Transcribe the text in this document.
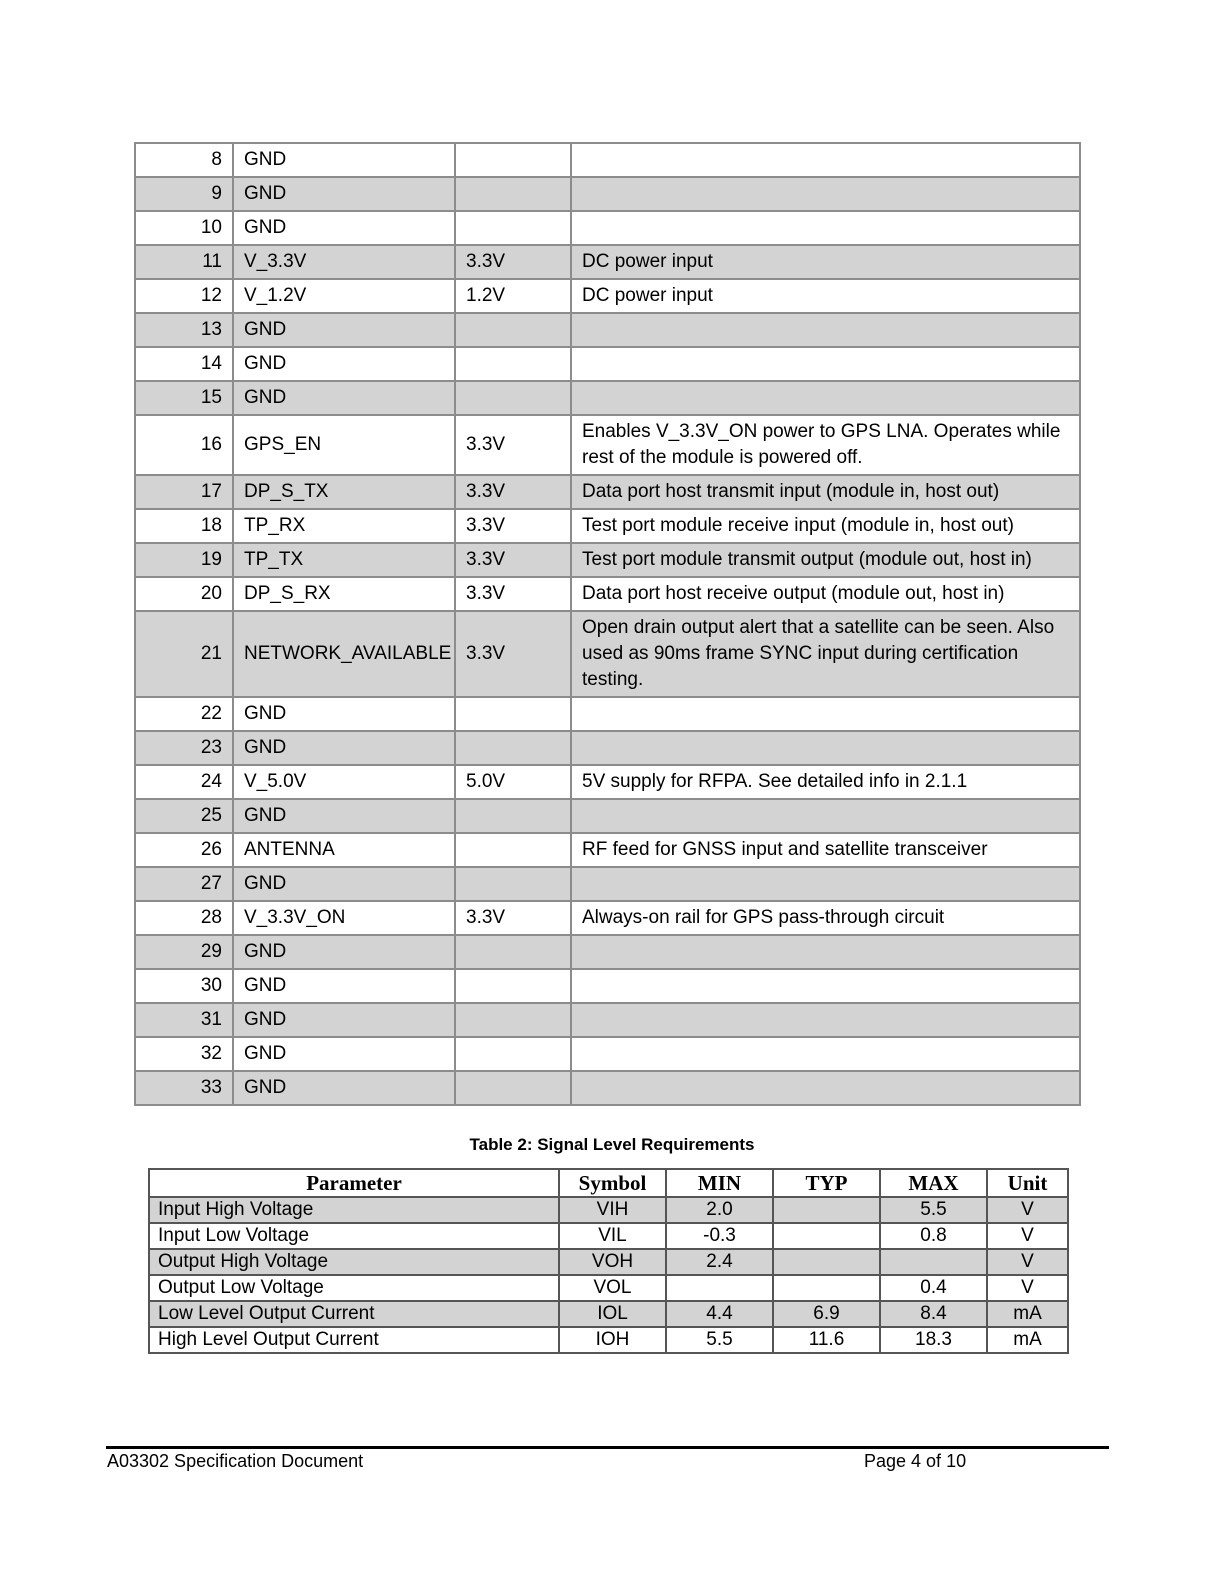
8	GND		
9	GND		
10	GND		
11	V_3.3V	3.3V	DC power input
12	V_1.2V	1.2V	DC power input
13	GND		
14	GND		
15	GND		
16	GPS_EN	3.3V	Enables V_3.3V_ON power to GPS LNA. Operates while rest of the module is powered off.
17	DP_S_TX	3.3V	Data port host transmit input (module in, host out)
18	TP_RX	3.3V	Test port module receive input (module in, host out)
19	TP_TX	3.3V	Test port module transmit output (module out, host in)
20	DP_S_RX	3.3V	Data port host receive output (module out, host in)
21	NETWORK_AVAILABLE	3.3V	Open drain output alert that a satellite can be seen. Also used as 90ms frame SYNC input during certification testing.
22	GND		
23	GND		
24	V_5.0V	5.0V	5V supply for RFPA. See detailed info in 2.1.1
25	GND		
26	ANTENNA		RF feed for GNSS input and satellite transceiver
27	GND		
28	V_3.3V_ON	3.3V	Always-on rail for GPS pass-through circuit
29	GND		
30	GND		
31	GND		
32	GND		
33	GND		
Table 2: Signal Level Requirements
Parameter	Symbol	MIN	TYP	MAX	Unit
Input High Voltage	VIH	2.0		5.5	V
Input Low Voltage	VIL	-0.3		0.8	V
Output High Voltage	VOH	2.4			V
Output Low Voltage	VOL			0.4	V
Low Level Output Current	IOL	4.4	6.9	8.4	mA
High Level Output Current	IOH	5.5	11.6	18.3	mA
A03302 Specification Document	Page 4 of 10
